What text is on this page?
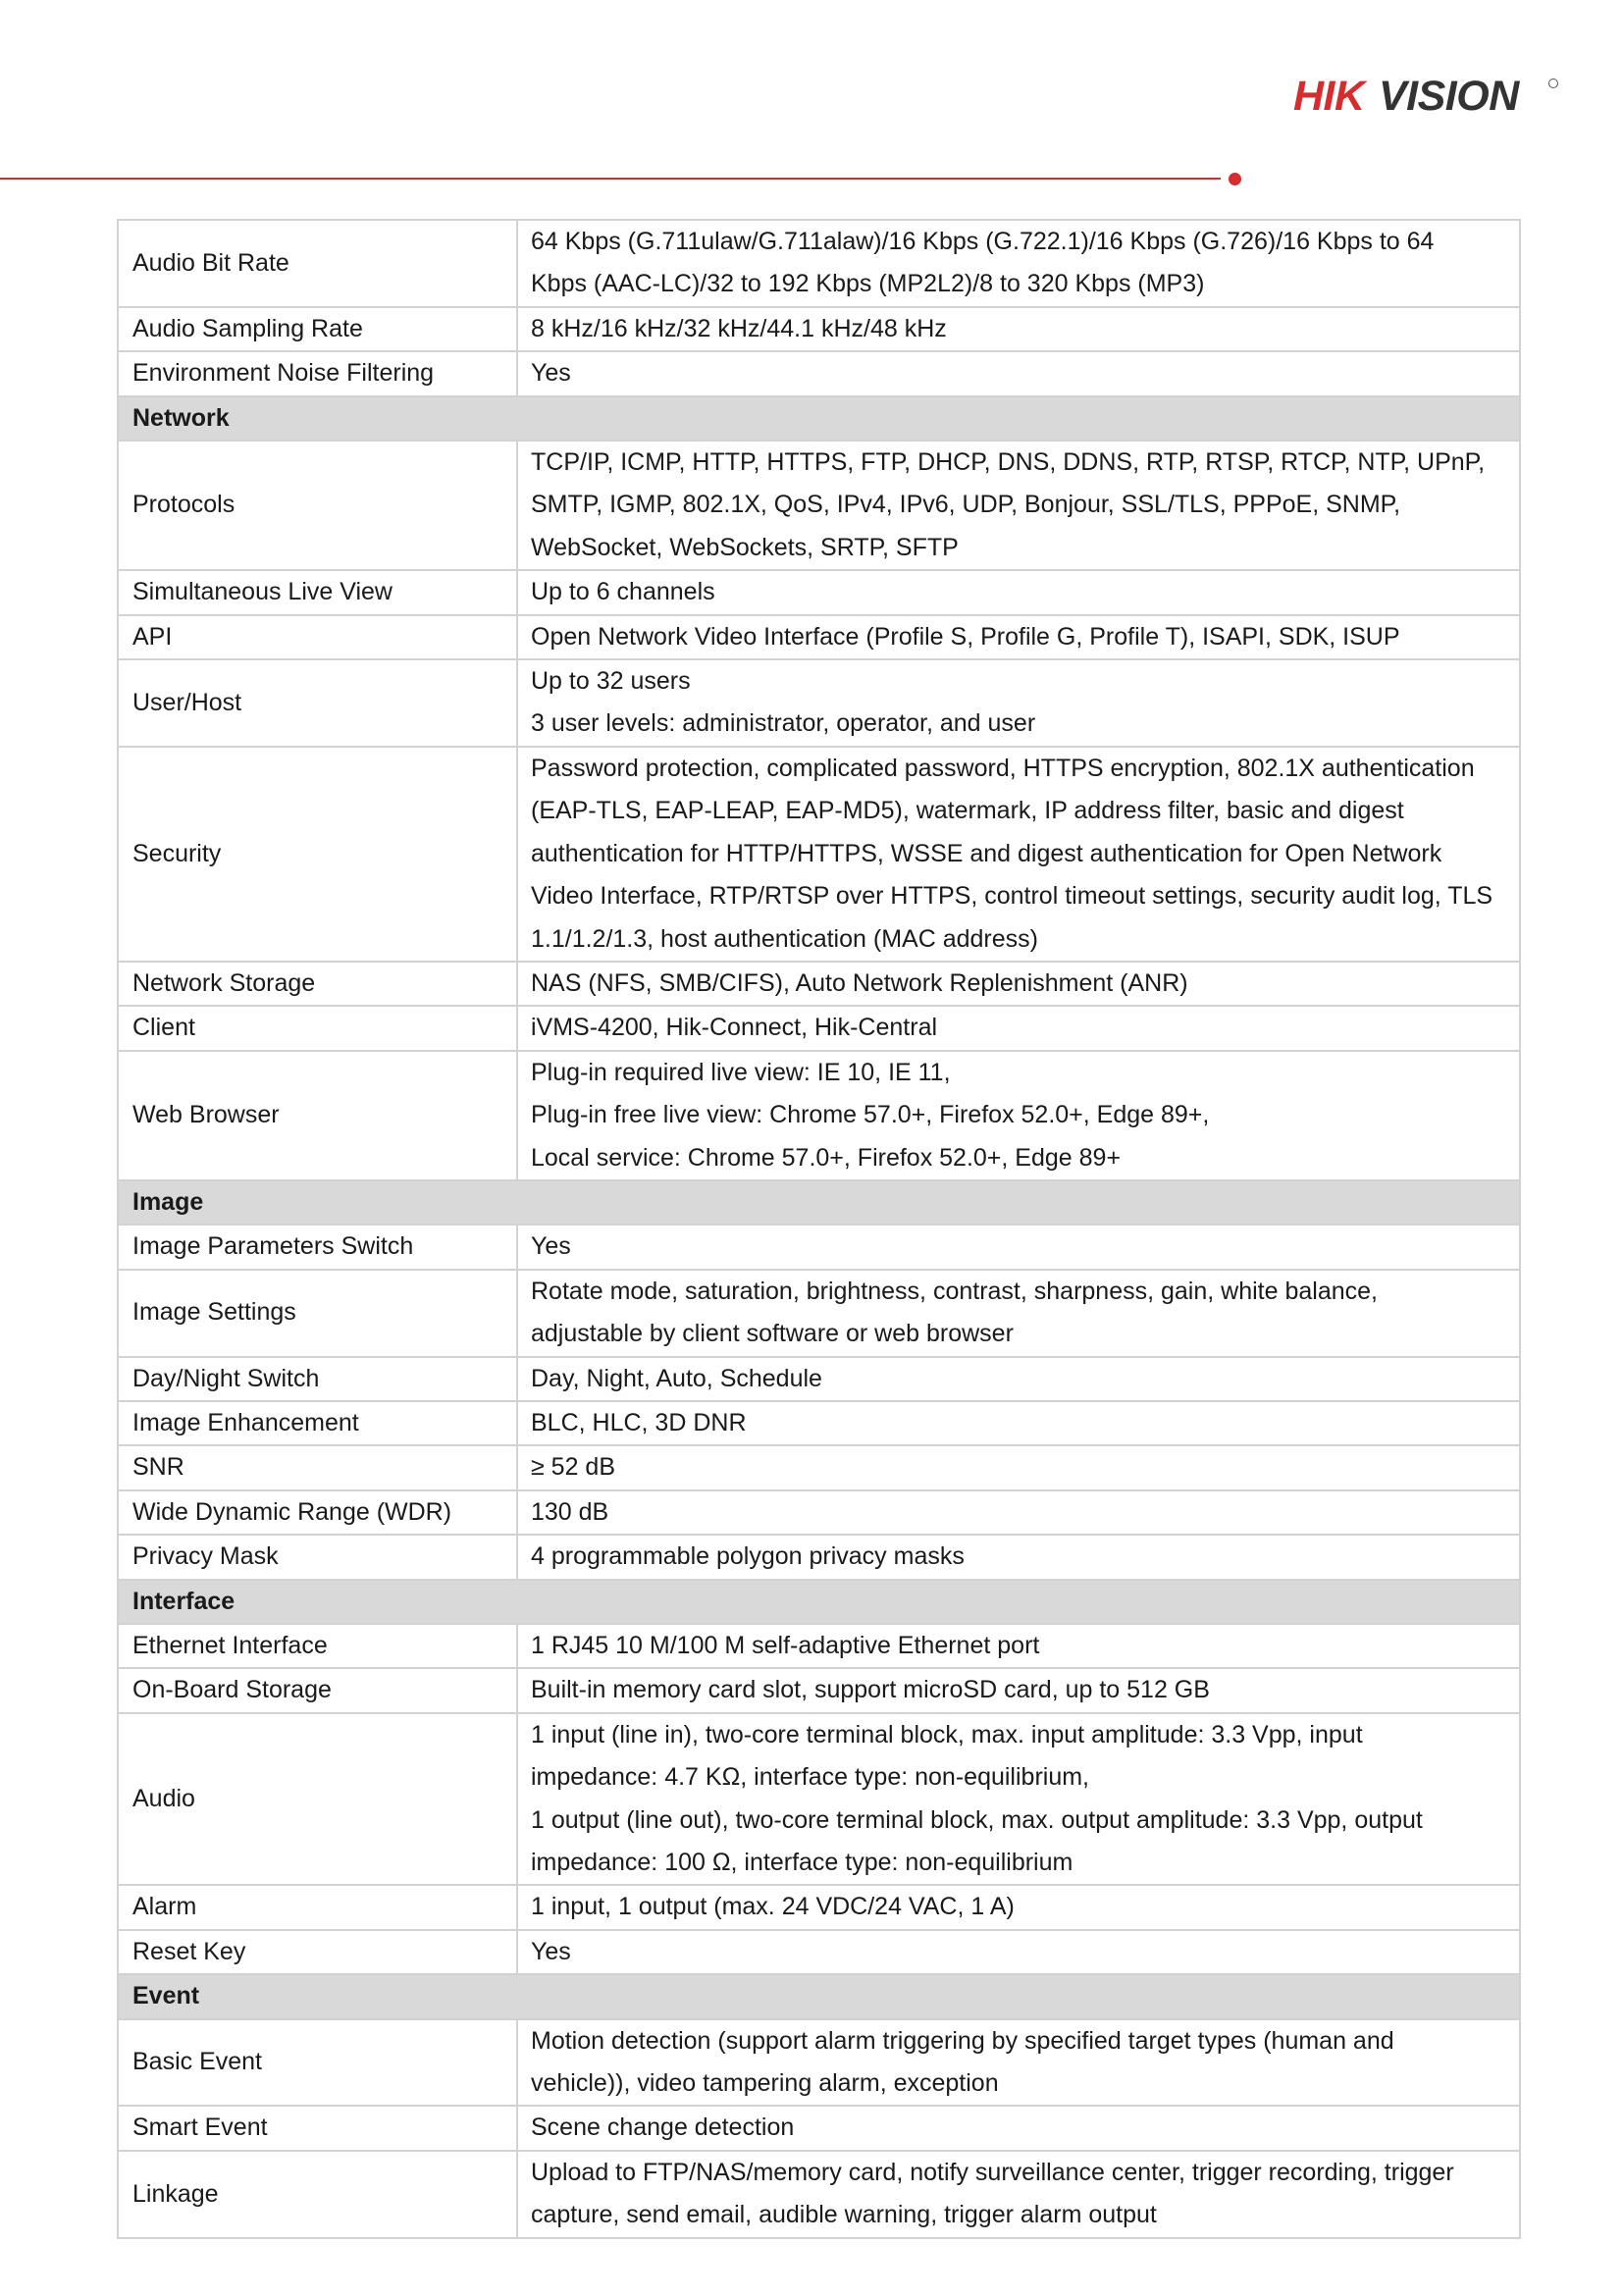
HIK VISION
Audio Bit Rate	64 Kbps (G.711ulaw/G.711alaw)/16 Kbps (G.722.1)/16 Kbps (G.726)/16 Kbps to 64
Kbps (AAC-LC)/32 to 192 Kbps (MP2L2)/8 to 320 Kbps (MP3)

Audio Sampling Rate	8 kHz/16 kHz/32 kHz/44.1 kHz/48 kHz

Environment Noise Filtering	Yes

Network	
Protocols	TCP/IP, ICMP, HTTP, HTTPS, FTP, DHCP, DNS, DDNS, RTP, RTSP, RTCP, NTP, UPnP,
SMTP, IGMP, 802.1X, QoS, IPv4, IPv6, UDP, Bonjour, SSL/TLS, PPPoE, SNMP,
WebSocket, WebSockets, SRTP, SFTP

Simultaneous Live View	Up to 6 channels

API	Open Network Video Interface (Profile S, Profile G, Profile T), ISAPI, SDK, ISUP

User/Host	Up to 32 users
3 user levels: administrator, operator, and user

Security	Password protection, complicated password, HTTPS encryption, 802.1X authentication
(EAP-TLS, EAP-LEAP, EAP-MD5), watermark, IP address filter, basic and digest
authentication for HTTP/HTTPS, WSSE and digest authentication for Open Network
Video Interface, RTP/RTSP over HTTPS, control timeout settings, security audit log, TLS
1.1/1.2/1.3, host authentication (MAC address)

Network Storage	NAS (NFS, SMB/CIFS), Auto Network Replenishment (ANR)

Client	iVMS-4200, Hik-Connect, Hik-Central

Web Browser	Plug-in required live view: IE 10, IE 11,
Plug-in free live view: Chrome 57.0+, Firefox 52.0+, Edge 89+,
Local service: Chrome 57.0+, Firefox 52.0+, Edge 89+

Image	
Image Parameters Switch	Yes

Image Settings	Rotate mode, saturation, brightness, contrast, sharpness, gain, white balance,
adjustable by client software or web browser

Day/Night Switch	Day, Night, Auto, Schedule

Image Enhancement	BLC, HLC, 3D DNR

SNR	≥ 52 dB

Wide Dynamic Range (WDR)	130 dB

Privacy Mask	4 programmable polygon privacy masks

Interface	
Ethernet Interface	1 RJ45 10 M/100 M self-adaptive Ethernet port

On-Board Storage	Built-in memory card slot, support microSD card, up to 512 GB

Audio	1 input (line in), two-core terminal block, max. input amplitude: 3.3 Vpp, input
impedance: 4.7 KΩ, interface type: non-equilibrium,
1 output (line out), two-core terminal block, max. output amplitude: 3.3 Vpp, output
impedance: 100 Ω, interface type: non-equilibrium

Alarm	1 input, 1 output (max. 24 VDC/24 VAC, 1 A)

Reset Key	Yes

Event	
Basic Event	Motion detection (support alarm triggering by specified target types (human and
vehicle)), video tampering alarm, exception

Smart Event	Scene change detection

Linkage	Upload to FTP/NAS/memory card, notify surveillance center, trigger recording, trigger
capture, send email, audible warning, trigger alarm output
